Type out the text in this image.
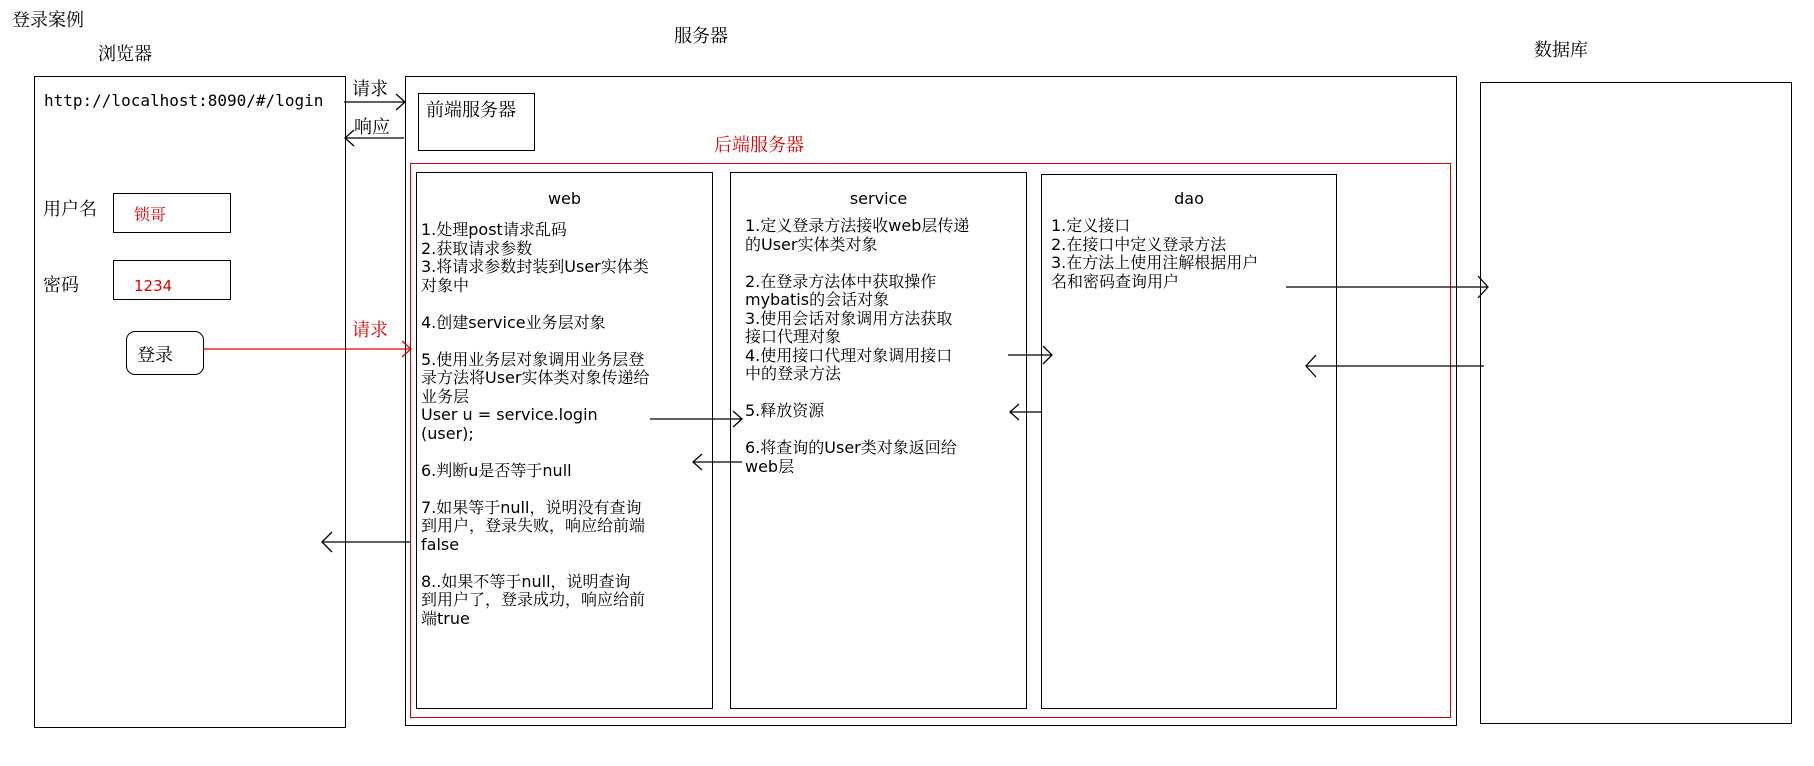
登录案例
浏览器
服务器
数据库
http://localhost:8090/#/login
用户名 锁哥
密码	1234
登录
前端服务器
后端服务器
web
1.处理post请求乱码
2.获取请求参数
3.将请求参数封装到User实体类
对象中
4.创建service业务层对象
5.使用业务层对象调用业务层登
录方法将User实体类对象传递给
业务层
User u = service.login
(user);
6.判断u是否等于null
7.如果等于null，说明没有查询
到用户，登录失败，响应给前端
false
8..如果不等于null，说明查询
到用户了，登录成功，响应给前
端true
service
1.定义登录方法接收web层传递
的User实体类对象
2.在登录方法体中获取操作
mybatis的会话对象
3.使用会话对象调用方法获取
接口代理对象
4.使用接口代理对象调用接口
中的登录方法
5.释放资源
6.将查询的User类对象返回给
web层
dao
1.定义接口
2.在接口中定义登录方法
3.在方法上使用注解根据用户
名和密码查询用户
请求
响应
请求
